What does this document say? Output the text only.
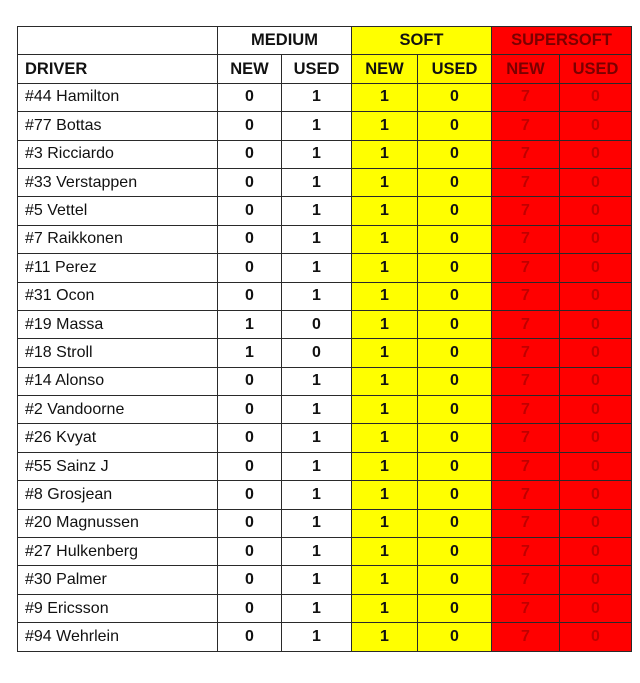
	MEDIUM		SOFT		SUPERSOFT	
DRIVER	NEW	USED	NEW	USED	NEW	USED
#44 Hamilton	0	1	1	0	7	0
#77 Bottas	0	1	1	0	7	0
#3 Ricciardo	0	1	1	0	7	0
#33 Verstappen	0	1	1	0	7	0
#5 Vettel	0	1	1	0	7	0
#7 Raikkonen	0	1	1	0	7	0
#11 Perez	0	1	1	0	7	0
#31 Ocon	0	1	1	0	7	0
#19 Massa	1	0	1	0	7	0
#18 Stroll	1	0	1	0	7	0
#14 Alonso	0	1	1	0	7	0
#2 Vandoorne	0	1	1	0	7	0
#26 Kvyat	0	1	1	0	7	0
#55 Sainz J	0	1	1	0	7	0
#8 Grosjean	0	1	1	0	7	0
#20 Magnussen	0	1	1	0	7	0
#27 Hulkenberg	0	1	1	0	7	0
#30 Palmer	0	1	1	0	7	0
#9 Ericsson	0	1	1	0	7	0
#94 Wehrlein	0	1	1	0	7	0
